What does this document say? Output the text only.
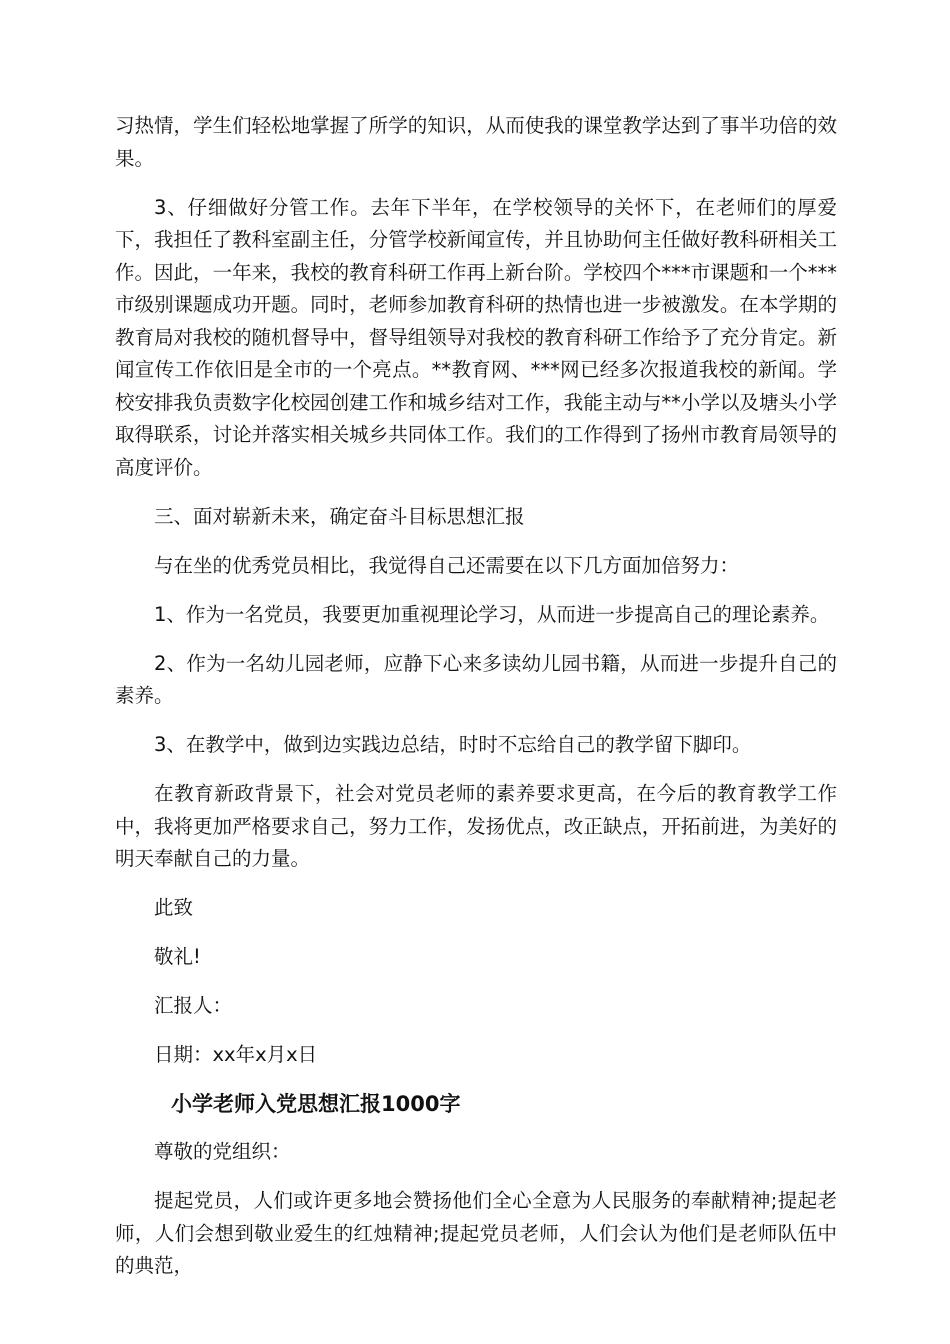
习热情，学生们轻松地掌握了所学的知识，从而使我的课堂教学达到了事半功倍的效果。

3、仔细做好分管工作。去年下半年，在学校领导的关怀下，在老师们的厚爱下，我担任了教科室副主任，分管学校新闻宣传，并且协助何主任做好教科研相关工作。因此，一年来，我校的教育科研工作再上新台阶。学校四个***市课题和一个***市级别课题成功开题。同时，老师参加教育科研的热情也进一步被激发。在本学期的教育局对我校的随机督导中，督导组领导对我校的教育科研工作给予了充分肯定。新闻宣传工作依旧是全市的一个亮点。**教育网、***网已经多次报道我校的新闻。学校安排我负责数字化校园创建工作和城乡结对工作，我能主动与**小学以及塘头小学取得联系，讨论并落实相关城乡共同体工作。我们的工作得到了扬州市教育局领导的高度评价。

三、面对崭新未来，确定奋斗目标思想汇报

与在坐的优秀党员相比，我觉得自己还需要在以下几方面加倍努力：

1、作为一名党员，我要更加重视理论学习，从而进一步提高自己的理论素养。

2、作为一名幼儿园老师，应静下心来多读幼儿园书籍，从而进一步提升自己的素养。

3、在教学中，做到边实践边总结，时时不忘给自己的教学留下脚印。

在教育新政背景下，社会对党员老师的素养要求更高，在今后的教育教学工作中，我将更加严格要求自己，努力工作，发扬优点，改正缺点，开拓前进，为美好的明天奉献自己的力量。

此致

敬礼!

汇报人：

日期：xx年x月x日

小学老师入党思想汇报1000字

尊敬的党组织：

提起党员，人们或许更多地会赞扬他们全心全意为人民服务的奉献精神;提起老师，人们会想到敬业爱生的红烛精神;提起党员老师，人们会认为他们是老师队伍中的典范，
